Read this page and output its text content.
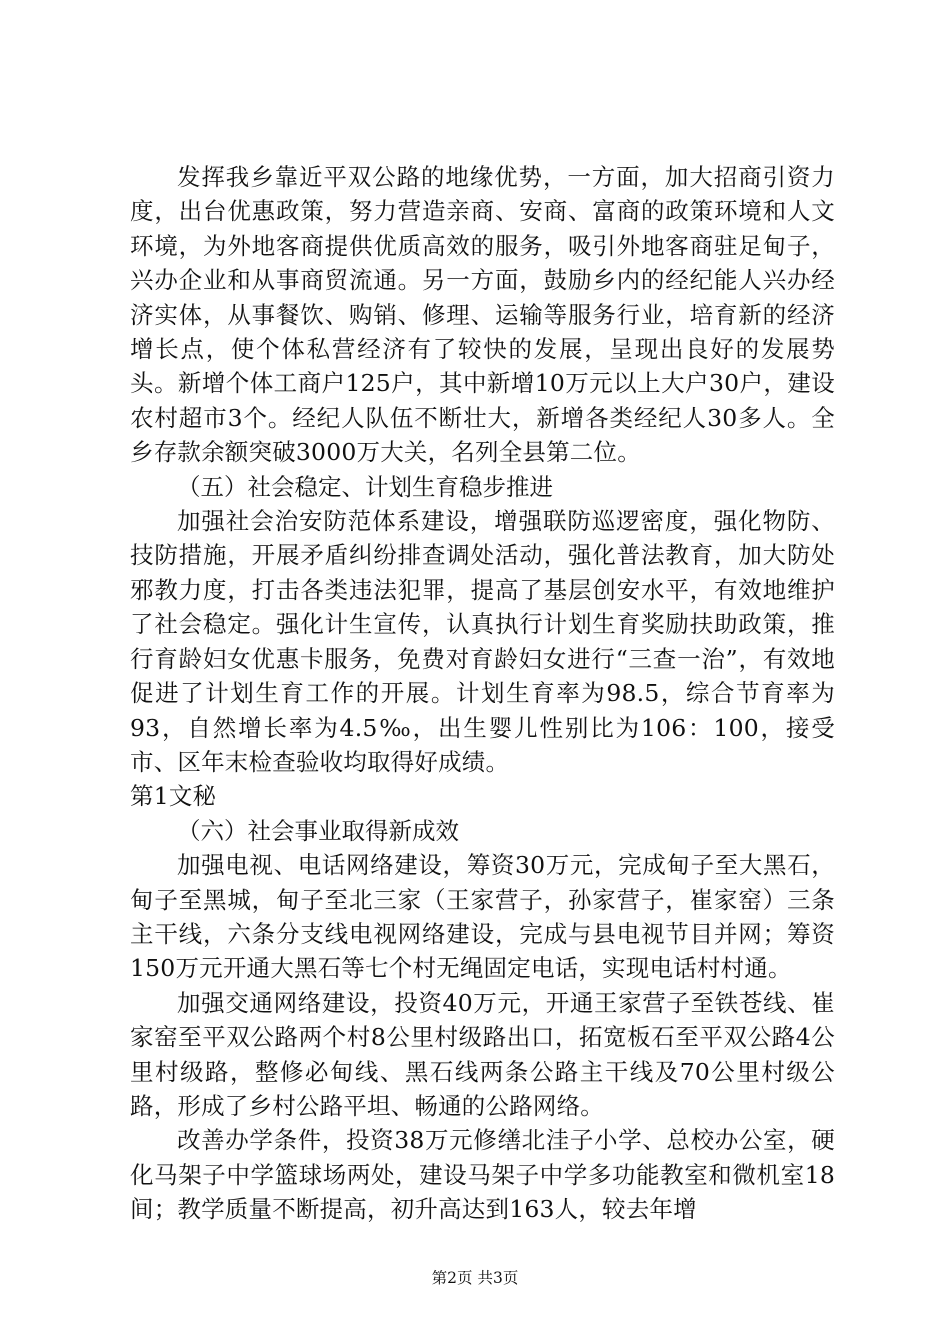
发挥我乡靠近平双公路的地缘优势，一方面，加大招商引资力度，出台优惠政策，努力营造亲商、安商、富商的政策环境和人文环境，为外地客商提供优质高效的服务，吸引外地客商驻足甸子，兴办企业和从事商贸流通。另一方面，鼓励乡内的经纪能人兴办经济实体，从事餐饮、购销、修理、运输等服务行业，培育新的经济增长点，使个体私营经济有了较快的发展，呈现出良好的发展势头。新增个体工商户125户，其中新增10万元以上大户30户，建设农村超市3个。经纪人队伍不断壮大，新增各类经纪人30多人。全乡存款余额突破3000万大关，名列全县第二位。

（五）社会稳定、计划生育稳步推进

加强社会治安防范体系建设，增强联防巡逻密度，强化物防、技防措施，开展矛盾纠纷排查调处活动，强化普法教育，加大防处邪教力度，打击各类违法犯罪，提高了基层创安水平，有效地维护了社会稳定。强化计生宣传，认真执行计划生育奖励扶助政策，推行育龄妇女优惠卡服务，免费对育龄妇女进行“三查一治”，有效地促进了计划生育工作的开展。计划生育率为98.5，综合节育率为93，自然增长率为4.5‰，出生婴儿性别比为106：100，接受市、区年末检查验收均取得好成绩。

第1文秘

（六）社会事业取得新成效

加强电视、电话网络建设，筹资30万元，完成甸子至大黑石，甸子至黑城，甸子至北三家（王家营子，孙家营子，崔家窑）三条主干线，六条分支线电视网络建设，完成与县电视节目并网；筹资150万元开通大黑石等七个村无绳固定电话，实现电话村村通。

加强交通网络建设，投资40万元，开通王家营子至铁苍线、崔家窑至平双公路两个村8公里村级路出口，拓宽板石至平双公路4公里村级路，整修必甸线、黑石线两条公路主干线及70公里村级公路，形成了乡村公路平坦、畅通的公路网络。

改善办学条件，投资38万元修缮北洼子小学、总校办公室，硬化马架子中学篮球场两处，建设马架子中学多功能教室和微机室18间；教学质量不断提高，初升高达到163人，较去年增

第2页 共3页
